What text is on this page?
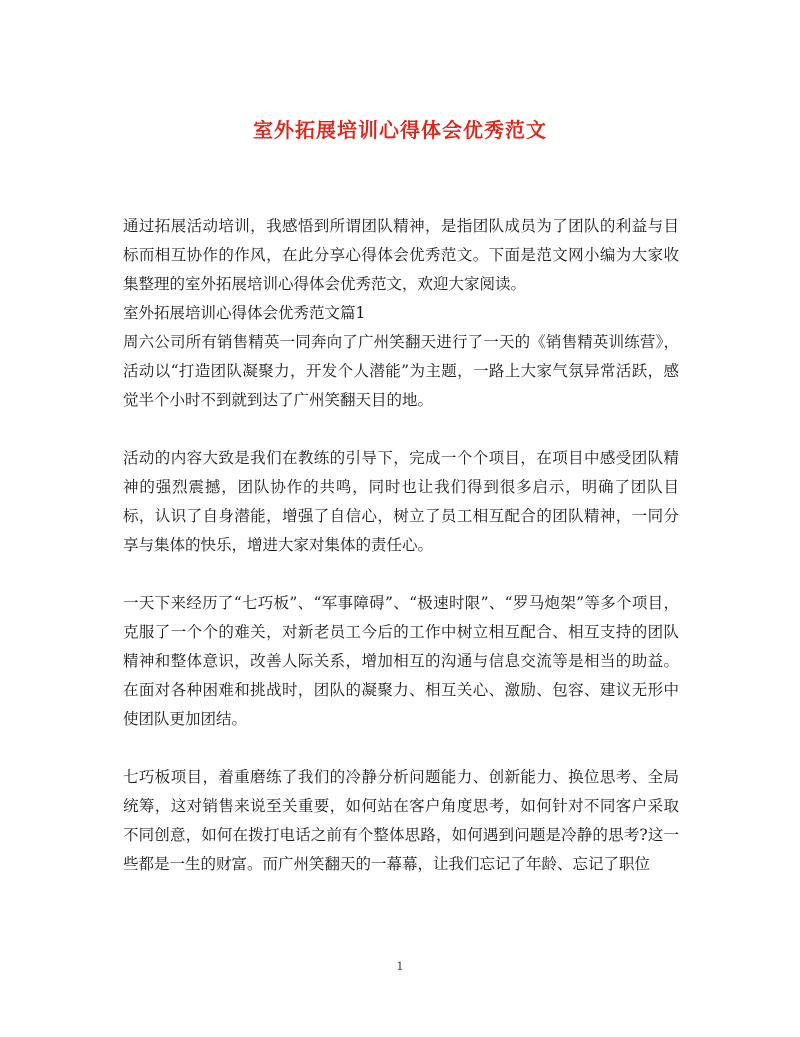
室外拓展培训心得体会优秀范文

通过拓展活动培训，我感悟到所谓团队精神，是指团队成员为了团队的利益与目标而相互协作的作风，在此分享心得体会优秀范文。下面是范文网小编为大家收集整理的室外拓展培训心得体会优秀范文，欢迎大家阅读。

室外拓展培训心得体会优秀范文篇1

周六公司所有销售精英一同奔向了广州笑翻天进行了一天的《销售精英训练营》，活动以“打造团队凝聚力，开发个人潜能”为主题，一路上大家气氛异常活跃，感觉半个小时不到就到达了广州笑翻天目的地。

活动的内容大致是我们在教练的引导下，完成一个个项目，在项目中感受团队精神的强烈震撼，团队协作的共鸣，同时也让我们得到很多启示，明确了团队目标，认识了自身潜能，增强了自信心，树立了员工相互配合的团队精神，一同分享与集体的快乐，增进大家对集体的责任心。

一天下来经历了“七巧板”、“军事障碍”、“极速时限”、“罗马炮架”等多个项目，克服了一个个的难关，对新老员工今后的工作中树立相互配合、相互支持的团队精神和整体意识，改善人际关系，增加相互的沟通与信息交流等是相当的助益。在面对各种困难和挑战时，团队的凝聚力、相互关心、激励、包容、建议无形中使团队更加团结。

七巧板项目，着重磨练了我们的冷静分析问题能力、创新能力、换位思考、全局统筹，这对销售来说至关重要，如何站在客户角度思考，如何针对不同客户采取不同创意，如何在拨打电话之前有个整体思路，如何遇到问题是冷静的思考?这一些都是一生的财富。而广州笑翻天的一幕幕，让我们忘记了年龄、忘记了职位

1
